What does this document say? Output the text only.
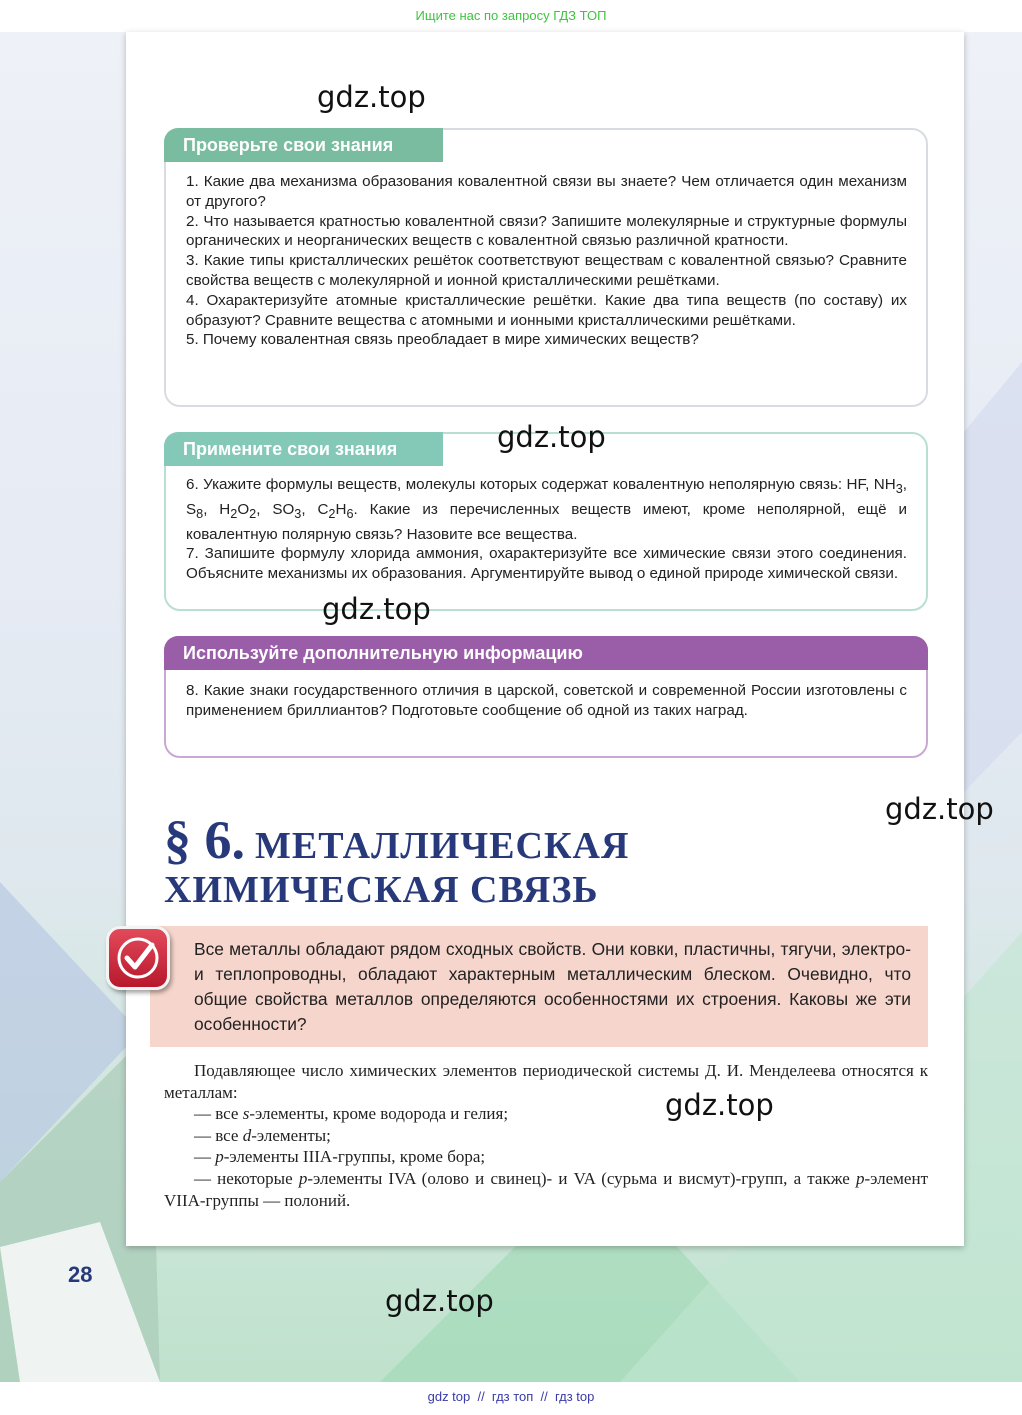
Ищите нас по запросу ГДЗ ТОП
Проверьте свои знания

1. Какие два механизма образования ковалентной связи вы знаете? Чем отличается один механизм от другого?

2. Что называется кратностью ковалентной связи? Запишите молекулярные и структурные формулы органических и неорганических веществ с ковалентной связью различной кратности.

3. Какие типы кристаллических решёток соответствуют веществам с ковалентной связью? Сравните свойства веществ с молекулярной и ионной кристаллическими решётками.

4. Охарактеризуйте атомные кристаллические решётки. Какие два типа веществ (по составу) их образуют? Сравните вещества с атомными и ионными кристаллическими решётками.

5. Почему ковалентная связь преобладает в мире химических веществ?

Примените свои знания

6. Укажите формулы веществ, молекулы которых содержат ковалентную неполярную связь: HF, $NH_3$, $S_8$, $H_2O_2$, $SO_3$, $C_2H_6$. Какие из перечисленных веществ имеют, кроме неполярной, ещё и ковалентную полярную связь? Назовите все вещества.

7. Запишите формулу хлорида аммония, охарактеризуйте все химические связи этого соединения. Объясните механизмы их образования. Аргументируйте вывод о единой природе химической связи.

Используйте дополнительную информацию

8. Какие знаки государственного отличия в царской, советской и современной России изготовлены с применением бриллиантов? Подготовьте сообщение об одной из таких наград.

gdz.top
gdz.top
gdz.top
gdz.top
gdz.top
gdz.top
§ 6. МЕТАЛЛИЧЕСКАЯ
ХИМИЧЕСКАЯ СВЯЗЬ
Все металлы обладают рядом сходных свойств. Они ковки, пластичны, тягучи, электро- и теплопроводны, обладают характерным металлическим блеском. Очевидно, что общие свойства металлов определяются особенностями их строения. Каковы же эти особенности?

Подавляющее число химических элементов периодической системы Д. И. Менделеева относятся к металлам:

— все s-элементы, кроме водорода и гелия;

— все d-элементы;

— p-элементы IIIA-группы, кроме бора;

— некоторые p-элементы IVA (олово и свинец)- и VA (сурьма и висмут)-групп, а также p-элемент VIIA-группы — полоний.

28
gdz top  //  гдз топ  //  гдз top
